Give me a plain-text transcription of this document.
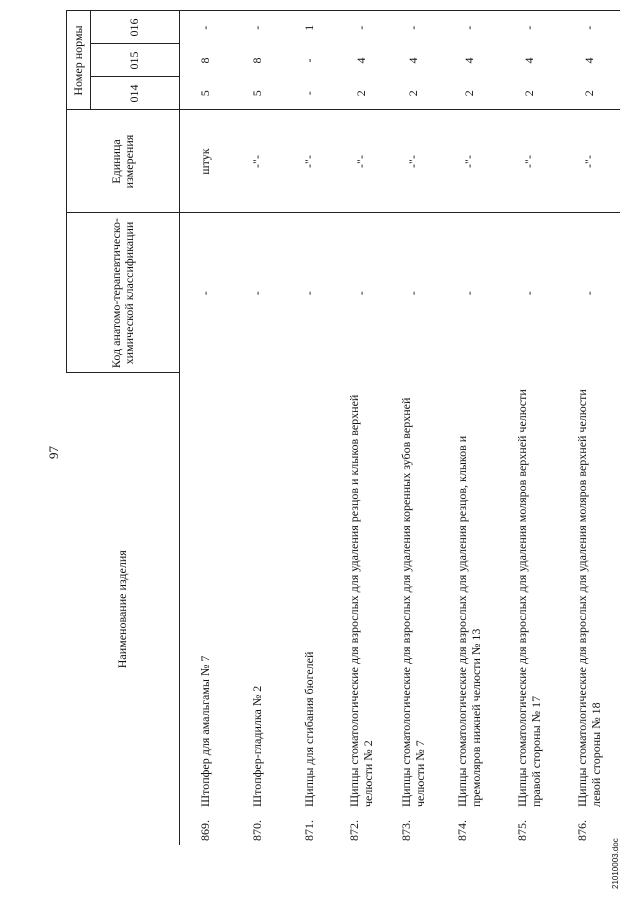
97
Наименование изделия	Код анатомо-терапевтическо-химической классификации	Единица измерения	Номер нормы		
			014	015	016
869.Штопфер для амальгамы № 7	-	штук	5	8	-
870.Штопфер-гладилка № 2	-	-"-	5	8	-
871.Щипцы для сгибания бюгелей	-	-"-	-	-	1
872.Щипцы стоматологические для взрослых для удаления резцов и клыков верхней челюсти № 2	-	-"-	2	4	-
873.Щипцы стоматологические для взрослых для удаления коренных зубов верхней челюсти № 7	-	-"-	2	4	-
874.Щипцы стоматологические для взрослых для удаления резцов, клыков и премоляров нижней челюсти № 13	-	-"-	2	4	-
875.Щипцы стоматологические для взрослых для удаления моляров верхней челюсти правой стороны № 17	-	-"-	2	4	-
876.Щипцы стоматологические для взрослых для удаления моляров верхней челюсти левой стороны № 18	-	-"-	2	4	-
21010003.doc
